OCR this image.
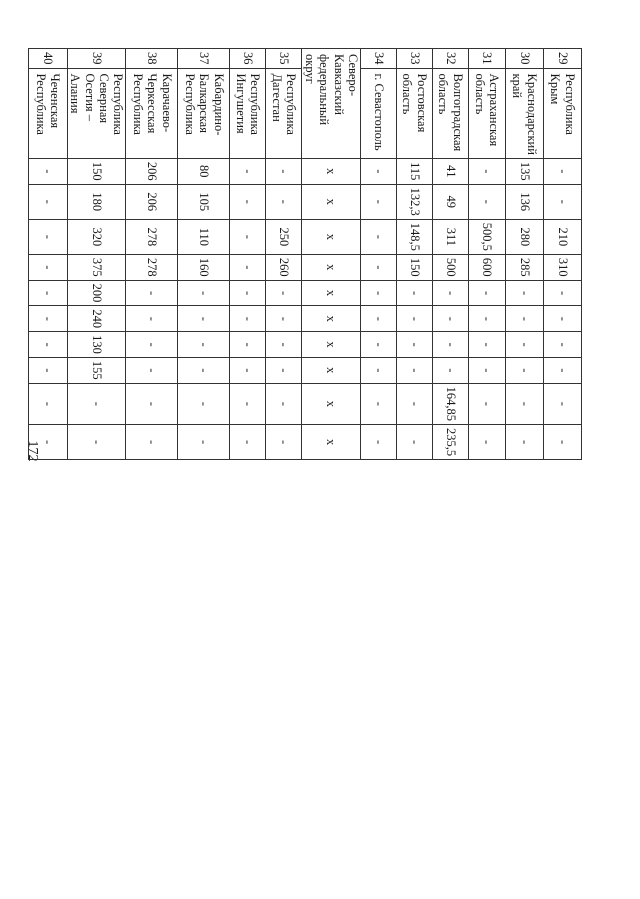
172
29	Республика Крым	-	-	210	310	-	-	-	-	-	-
30	Краснодарский край	135	136	280	285	-	-	-	-	-	-
31	Астраханская область	-	-	500,5	600	-	-	-	-	-	-
32	Волгоградская область	41	49	311	500	-	-	-	-	164,85	235,5
33	Ростовская область	115	132,3	148,5	150	-	-	-	-	-	-
34	г. Севастополь	-	-	-	-	-	-	-	-	-	-
Северо-Кавказский федеральный округ		х	х	х	х	х	х	х	х	х	х
35	Республика Дагестан	-	-	250	260	-	-	-	-	-	-
36	Республика Ингушетия	-	-	-	-	-	-	-	-	-	-
37	Кабардино-Балкарская Республика	80	105	110	160	-	-	-	-	-	-
38	Карачаево-Черкесская Республика	206	206	278	278	-	-	-	-	-	-
39	Республика Северная Осетия – Алания	150	180	320	375	200	240	130	155	-	-
40	Чеченская Республика	-	-	-	-	-	-	-	-	-	-
